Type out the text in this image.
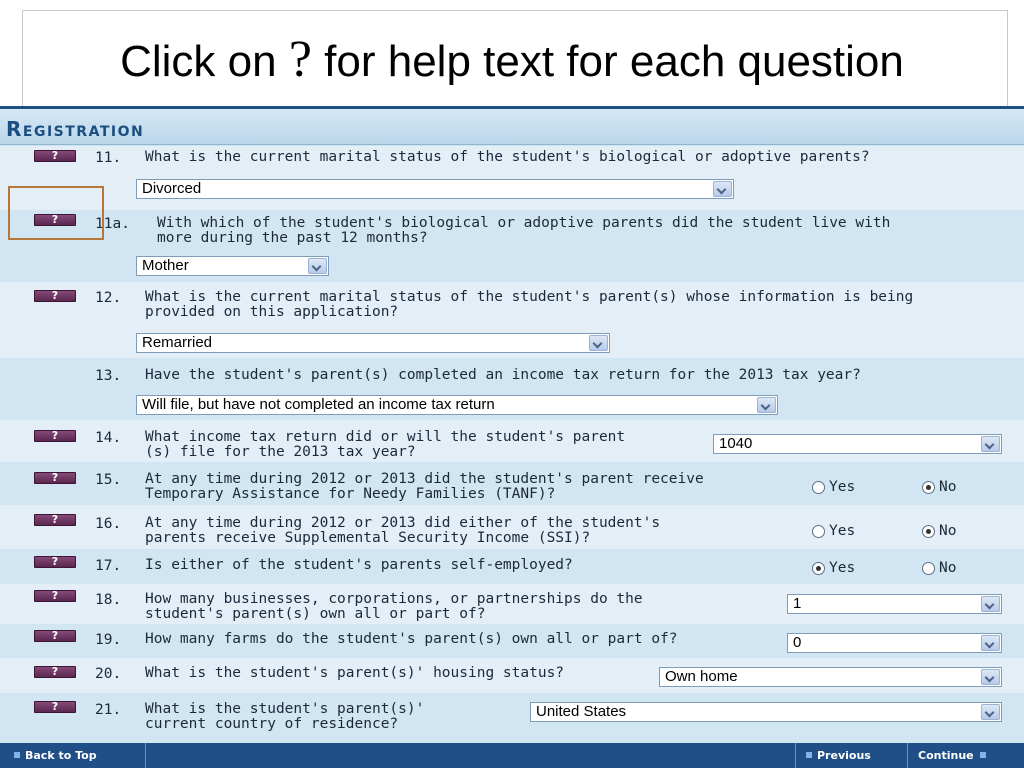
Click on ? for help text for each question
Registration
?	11. What is the current marital status of the student's biological or adoptive parents?
Divorced
?	11a. With which of the student's biological or adoptive parents did the student live with
more during the past 12 months?
Mother
?	12. What is the current marital status of the student's parent(s) whose information is being
provided on this application?
Remarried
13. Have the student's parent(s) completed an income tax return for the 2013 tax year?
Will file, but have not completed an income tax return
?	14. What income tax return did or will the student's parent
(s) file for the 2013 tax year?	1040
?	15. At any time during 2012 or 2013 did the student's parent receive
Temporary Assistance for Needy Families (TANF)?	Yes	No
?	16. At any time during 2012 or 2013 did either of the student's
parents receive Supplemental Security Income (SSI)?	Yes	No
?	17. Is either of the student's parents self-employed?	Yes	No
?	18. How many businesses, corporations, or partnerships do the
student's parent(s) own all or part of?
1
?	19. How many farms do the student's parent(s) own all or part of?	0
?	20. What is the student's parent(s)' housing status?	Own home
?	21. What is the student's parent(s)'
current country of residence?
United States
Back to Top	Previous	Continue
